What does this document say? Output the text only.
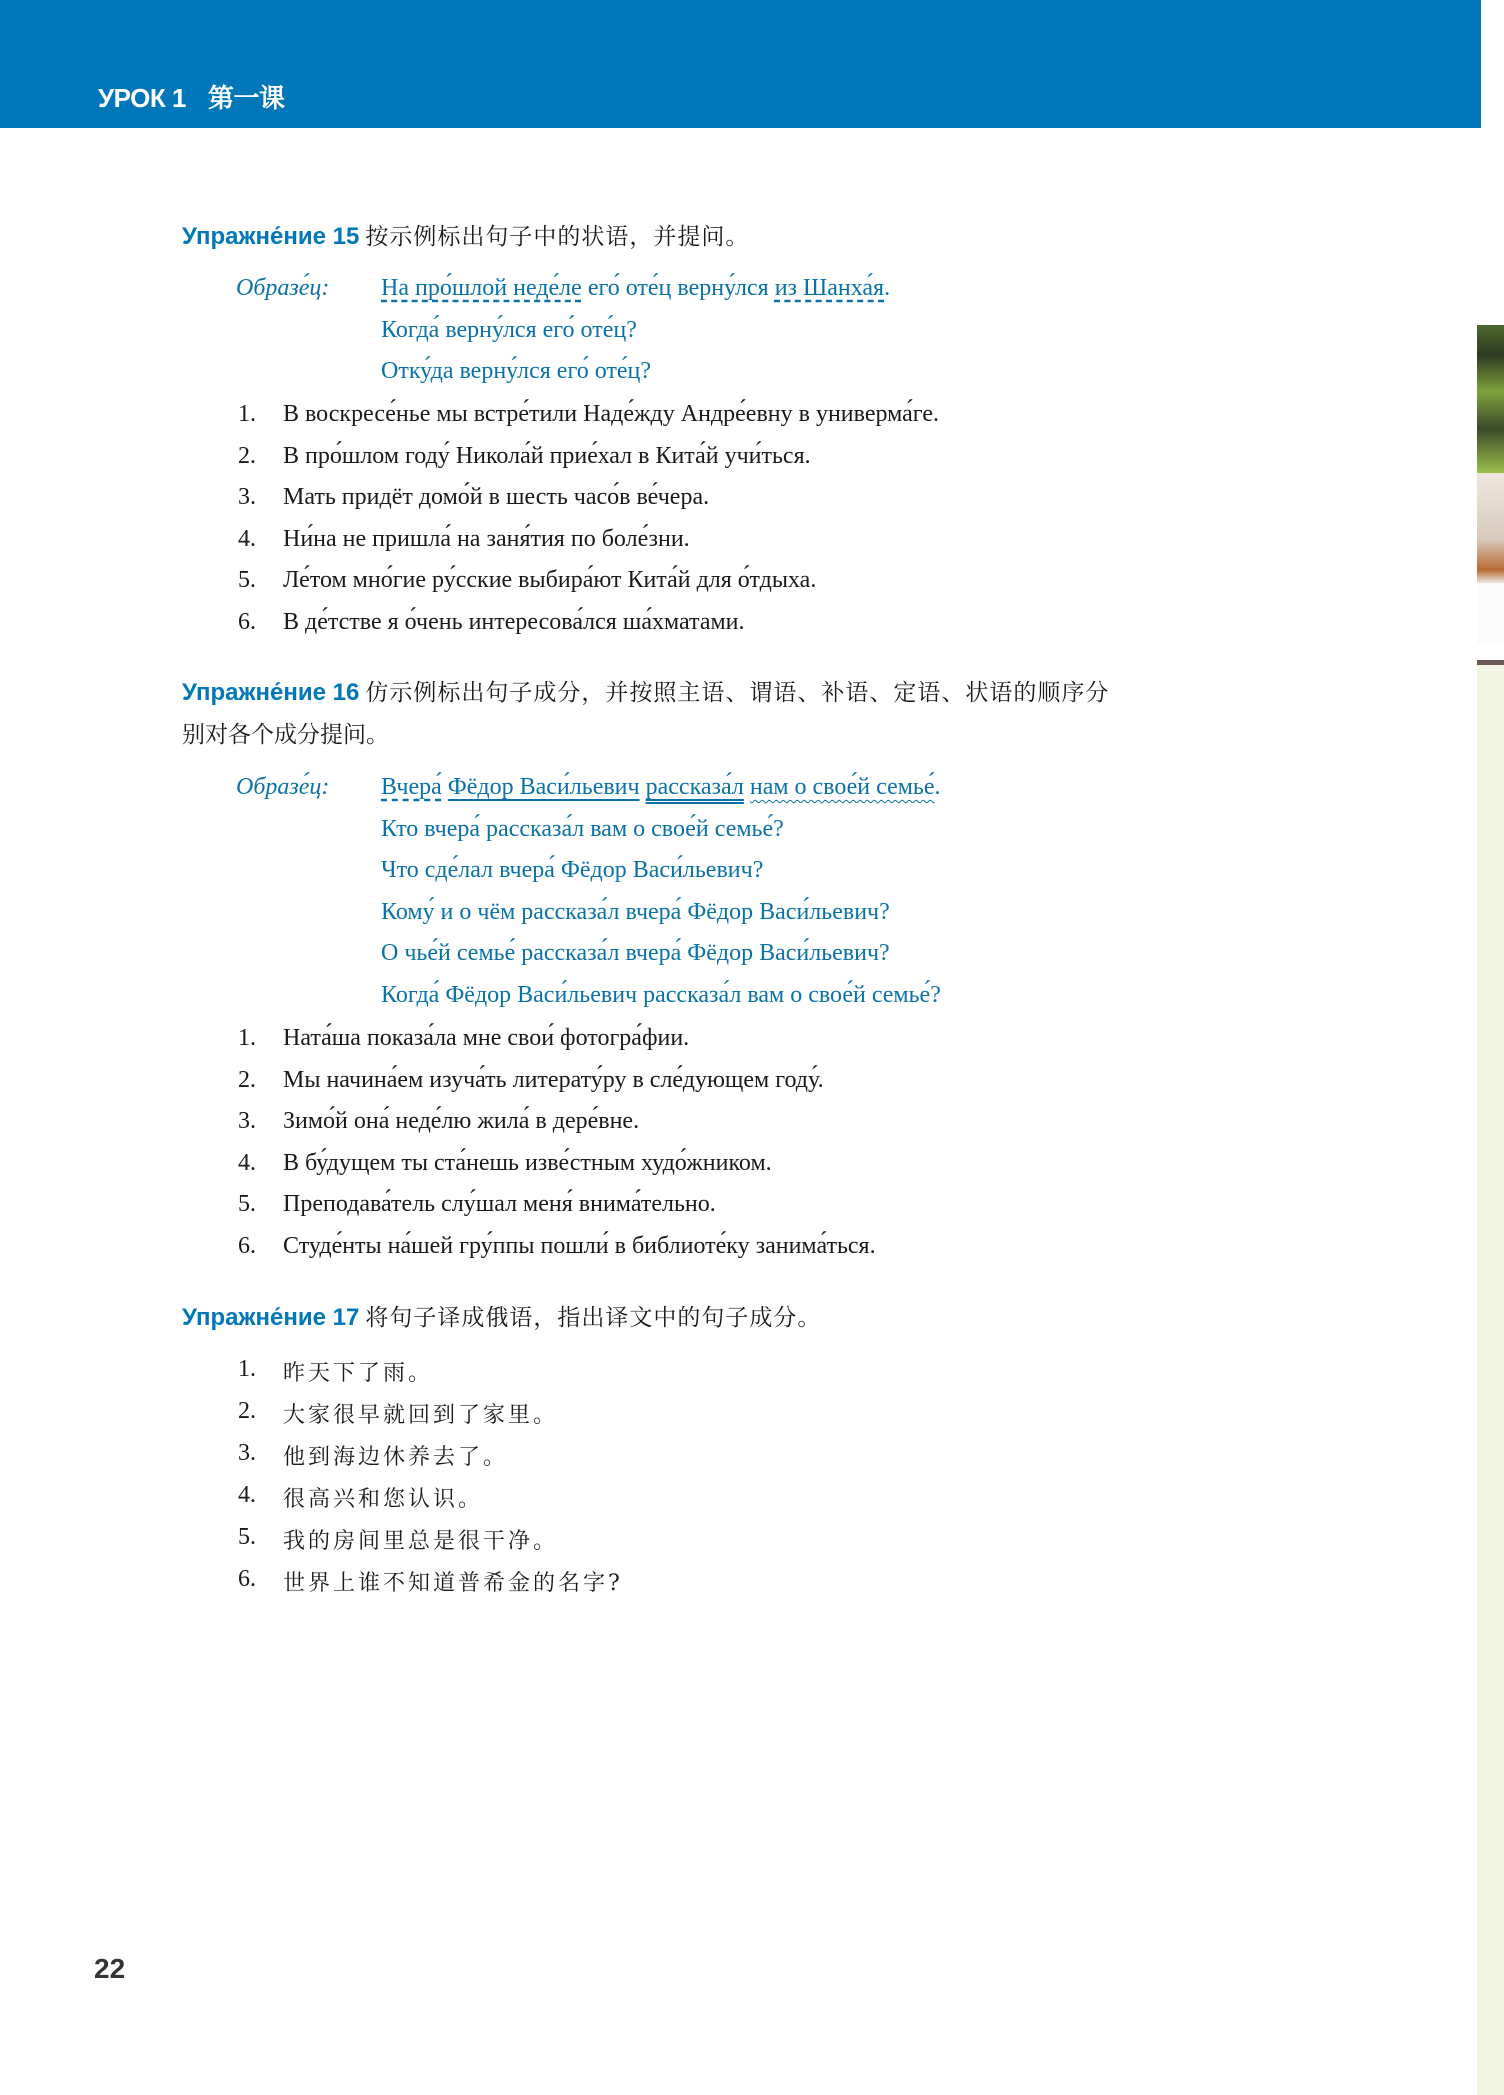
УРОК 1 第一课
Упражне́ние 15 按示例标出句子中的状语，并提问。
Образе́ц: На про́шлой неде́ле его́ оте́ц верну́лся из Шанха́я.
Когда́ верну́лся его́ оте́ц?
Отку́да верну́лся его́ оте́ц?
1. В воскресе́нье мы встре́тили Наде́жду Андре́евну в универма́ге.
2. В про́шлом году́ Никола́й прие́хал в Кита́й учи́ться.
3. Мать придёт домо́й в шесть часо́в ве́чера.
4. Ни́на не пришла́ на заня́тия по боле́зни.
5. Ле́том мно́гие ру́сские выбира́ют Кита́й для о́тдыха.
6. В де́тстве я о́чень интересова́лся ша́хматами.
Упражне́ние 16 仿示例标出句子成分，并按照主语、谓语、补语、定语、状语的顺序分
别对各个成分提问。
Образе́ц: Вчера́ Фёдор Васи́льевич рассказа́л нам о свое́й семье́.
Кто вчера́ рассказа́л вам о свое́й семье́?
Что сде́лал вчера́ Фёдор Васи́льевич?
Кому́ и о чём рассказа́л вчера́ Фёдор Васи́льевич?
О чье́й семье́ рассказа́л вчера́ Фёдор Васи́льевич?
Когда́ Фёдор Васи́льевич рассказа́л вам о свое́й семье́?
1. Ната́ша показа́ла мне свои́ фотогра́фии.
2. Мы начина́ем изуча́ть литерату́ру в сле́дующем году́.
3. Зимо́й она́ неде́лю жила́ в дере́вне.
4. В бу́дущем ты ста́нешь изве́стным худо́жником.
5. Преподава́тель слу́шал меня́ внима́тельно.
6. Студе́нты на́шей гру́ппы пошли́ в библиоте́ку занима́ться.
Упражне́ние 17 将句子译成俄语，指出译文中的句子成分。
1. 昨天下了雨。
2. 大家很早就回到了家里。
3. 他到海边休养去了。
4. 很高兴和您认识。
5. 我的房间里总是很干净。
6. 世界上谁不知道普希金的名字?
22
